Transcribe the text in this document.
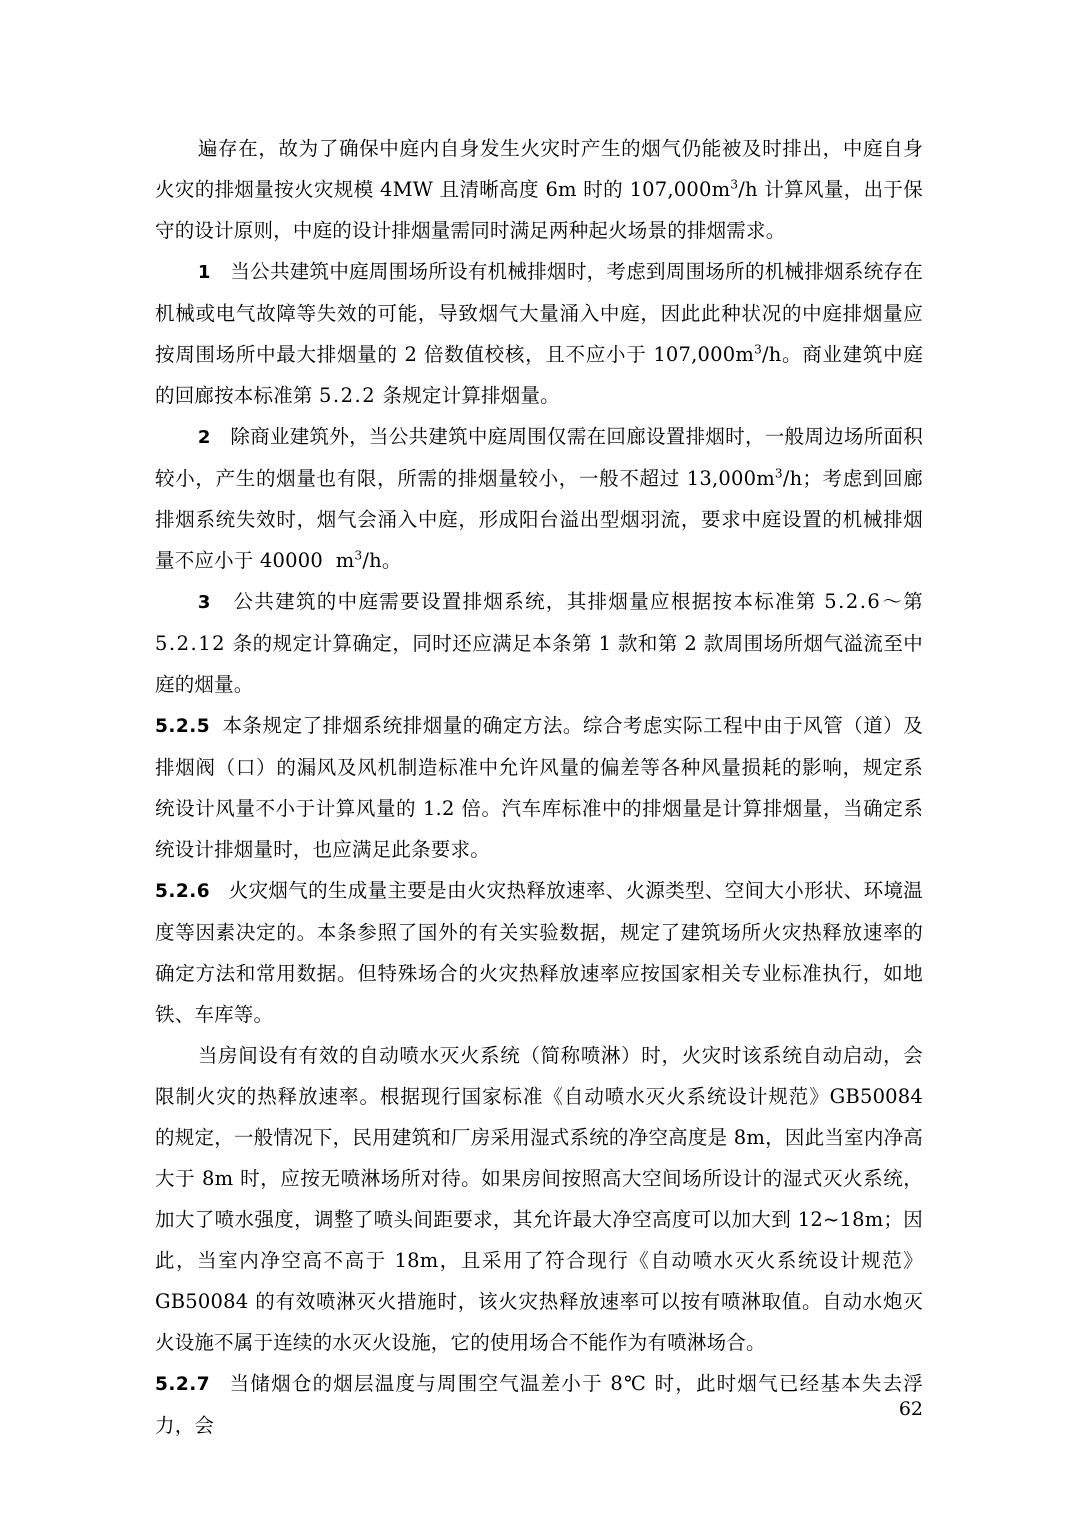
遍存在，故为了确保中庭内自身发生火灾时产生的烟气仍能被及时排出，中庭自身火灾的排烟量按火灾规模 4MW 且清晰高度 6m 时的 $107,000m^3/h$ 计算风量，出于保守的设计原则，中庭的设计排烟量需同时满足两种起火场景的排烟需求。

1   当公共建筑中庭周围场所设有机械排烟时，考虑到周围场所的机械排烟系统存在机械或电气故障等失效的可能，导致烟气大量涌入中庭，因此此种状况的中庭排烟量应按周围场所中最大排烟量的 2 倍数值校核，且不应小于 $107,000m^3/h$。商业建筑中庭的回廊按本标准第 5.2.2 条规定计算排烟量。

2   除商业建筑外，当公共建筑中庭周围仅需在回廊设置排烟时，一般周边场所面积较小，产生的烟量也有限，所需的排烟量较小，一般不超过 $13,000m^3/h$；考虑到回廊排烟系统失效时，烟气会涌入中庭，形成阳台溢出型烟羽流，要求中庭设置的机械排烟量不应小于 40000  $m^3/h$。

3   公共建筑的中庭需要设置排烟系统，其排烟量应根据按本标准第 5.2.6～第 5.2.12 条的规定计算确定，同时还应满足本条第 1 款和第 2 款周围场所烟气溢流至中庭的烟量。

5.2.5 本条规定了排烟系统排烟量的确定方法。综合考虑实际工程中由于风管（道）及排烟阀（口）的漏风及风机制造标准中允许风量的偏差等各种风量损耗的影响，规定系统设计风量不小于计算风量的 1.2 倍。汽车库标准中的排烟量是计算排烟量，当确定系统设计排烟量时，也应满足此条要求。

5.2.6 火灾烟气的生成量主要是由火灾热释放速率、火源类型、空间大小形状、环境温度等因素决定的。本条参照了国外的有关实验数据，规定了建筑场所火灾热释放速率的确定方法和常用数据。但特殊场合的火灾热释放速率应按国家相关专业标准执行，如地铁、车库等。

当房间设有有效的自动喷水灭火系统（简称喷淋）时，火灾时该系统自动启动，会限制火灾的热释放速率。根据现行国家标准《自动喷水灭火系统设计规范》GB50084 的规定，一般情况下，民用建筑和厂房采用湿式系统的净空高度是 8m，因此当室内净高大于 8m 时，应按无喷淋场所对待。如果房间按照高大空间场所设计的湿式灭火系统，加大了喷水强度，调整了喷头间距要求，其允许最大净空高度可以加大到 12~18m；因此，当室内净空高不高于 18m，且采用了符合现行《自动喷水灭火系统设计规范》GB50084 的有效喷淋灭火措施时，该火灾热释放速率可以按有喷淋取值。自动水炮灭火设施不属于连续的水灭火设施，它的使用场合不能作为有喷淋场合。

5.2.7 当储烟仓的烟层温度与周围空气温差小于 8℃ 时，此时烟气已经基本失去浮力，会

62
